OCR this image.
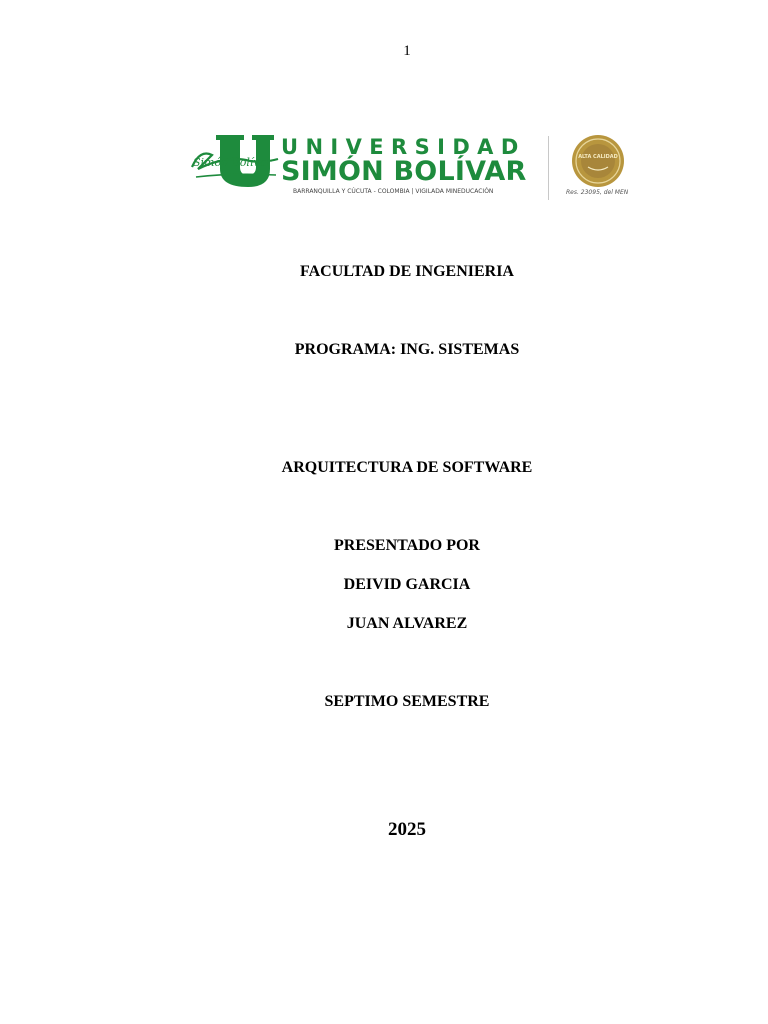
1
Simón Bolívar
UNIVERSIDAD
SIMÓN BOLÍVAR
BARRANQUILLA Y CÚCUTA - COLOMBIA | VIGILADA MINEDUCACIÓN
ALTA CALIDAD
Res. 23095, del MEN
FACULTAD DE INGENIERIA
PROGRAMA: ING. SISTEMAS
ARQUITECTURA DE SOFTWARE
PRESENTADO POR
DEIVID GARCIA
JUAN ALVAREZ
SEPTIMO SEMESTRE
2025
